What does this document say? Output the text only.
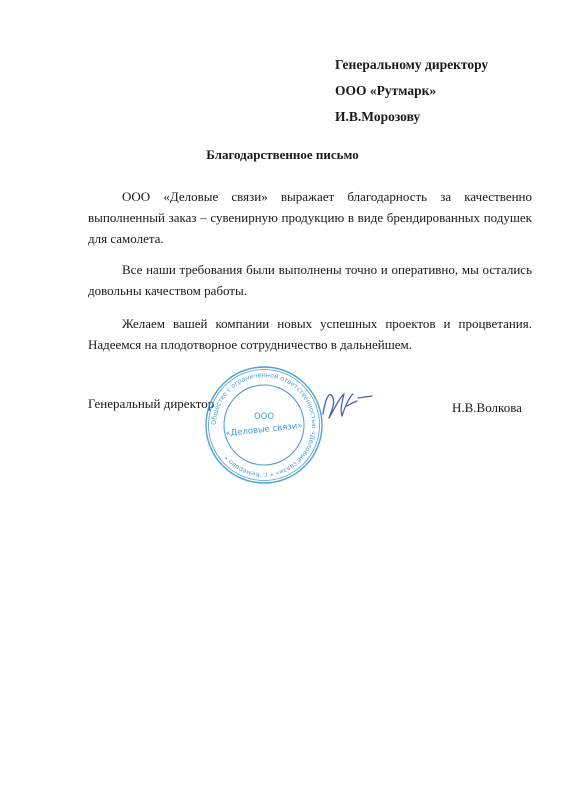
Генеральному директору
ООО «Рутмарк»
И.В.Морозову
Благодарственное письмо

ООО «Деловые связи» выражает благодарность за качественно выполненный заказ – сувенирную продукцию в виде брендированных подушек для самолета.

Все наши требования были выполнены точно и оперативно, мы остались довольны качеством работы.

Желаем вашей компании новых успешных проектов и процветания. Надеемся на плодотворное сотрудничество в дальнейшем.

Генеральный директор
Общество с ограниченной ответственностью «Деловые связи» • г. Кемерово •
ООО
«Деловые связи»
Н.В.Волкова
